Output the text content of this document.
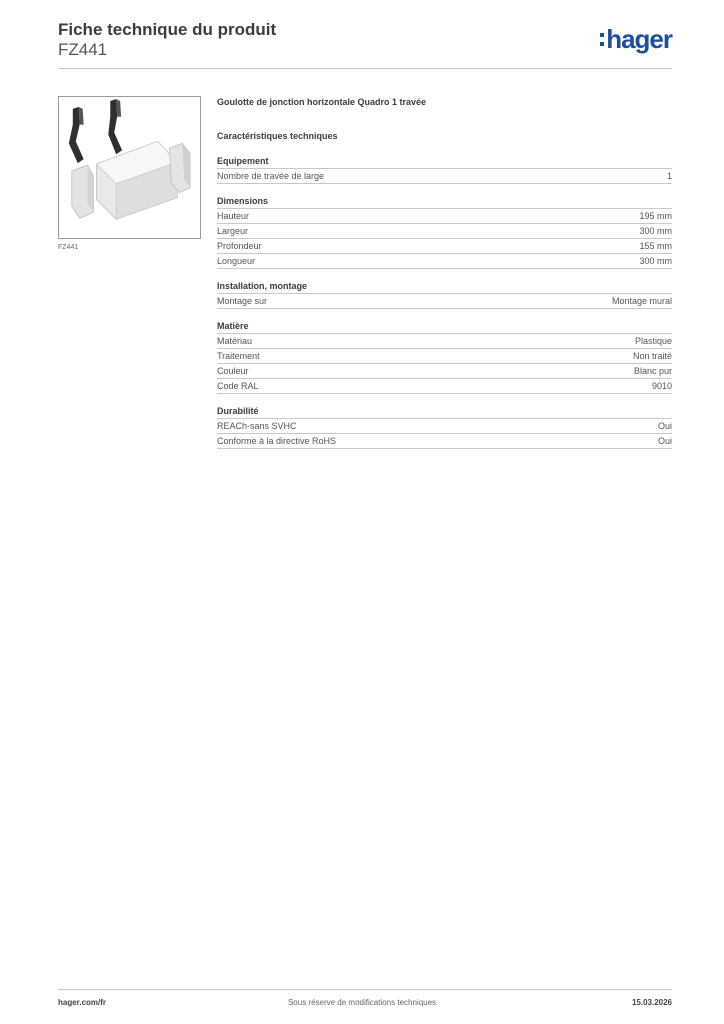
Fiche technique du produit
FZ441	hager
FZ441
Goulotte de jonction horizontale Quadro 1 travée
Caractéristiques techniques
Equipement
Nombre de travée de large	1
Dimensions
Hauteur	195 mm
Largeur	300 mm
Profondeur	155 mm
Longueur	300 mm
Installation, montage
Montage sur	Montage mural
Matière
Matériau	Plastique
Traitement	Non traité
Couleur	Blanc pur
Code RAL	9010
Durabilité
REACh-sans SVHC	Oui
Conforme à la directive RoHS	Oui
hager.com/fr	Sous réserve de modifications techniques	15.03.2026
